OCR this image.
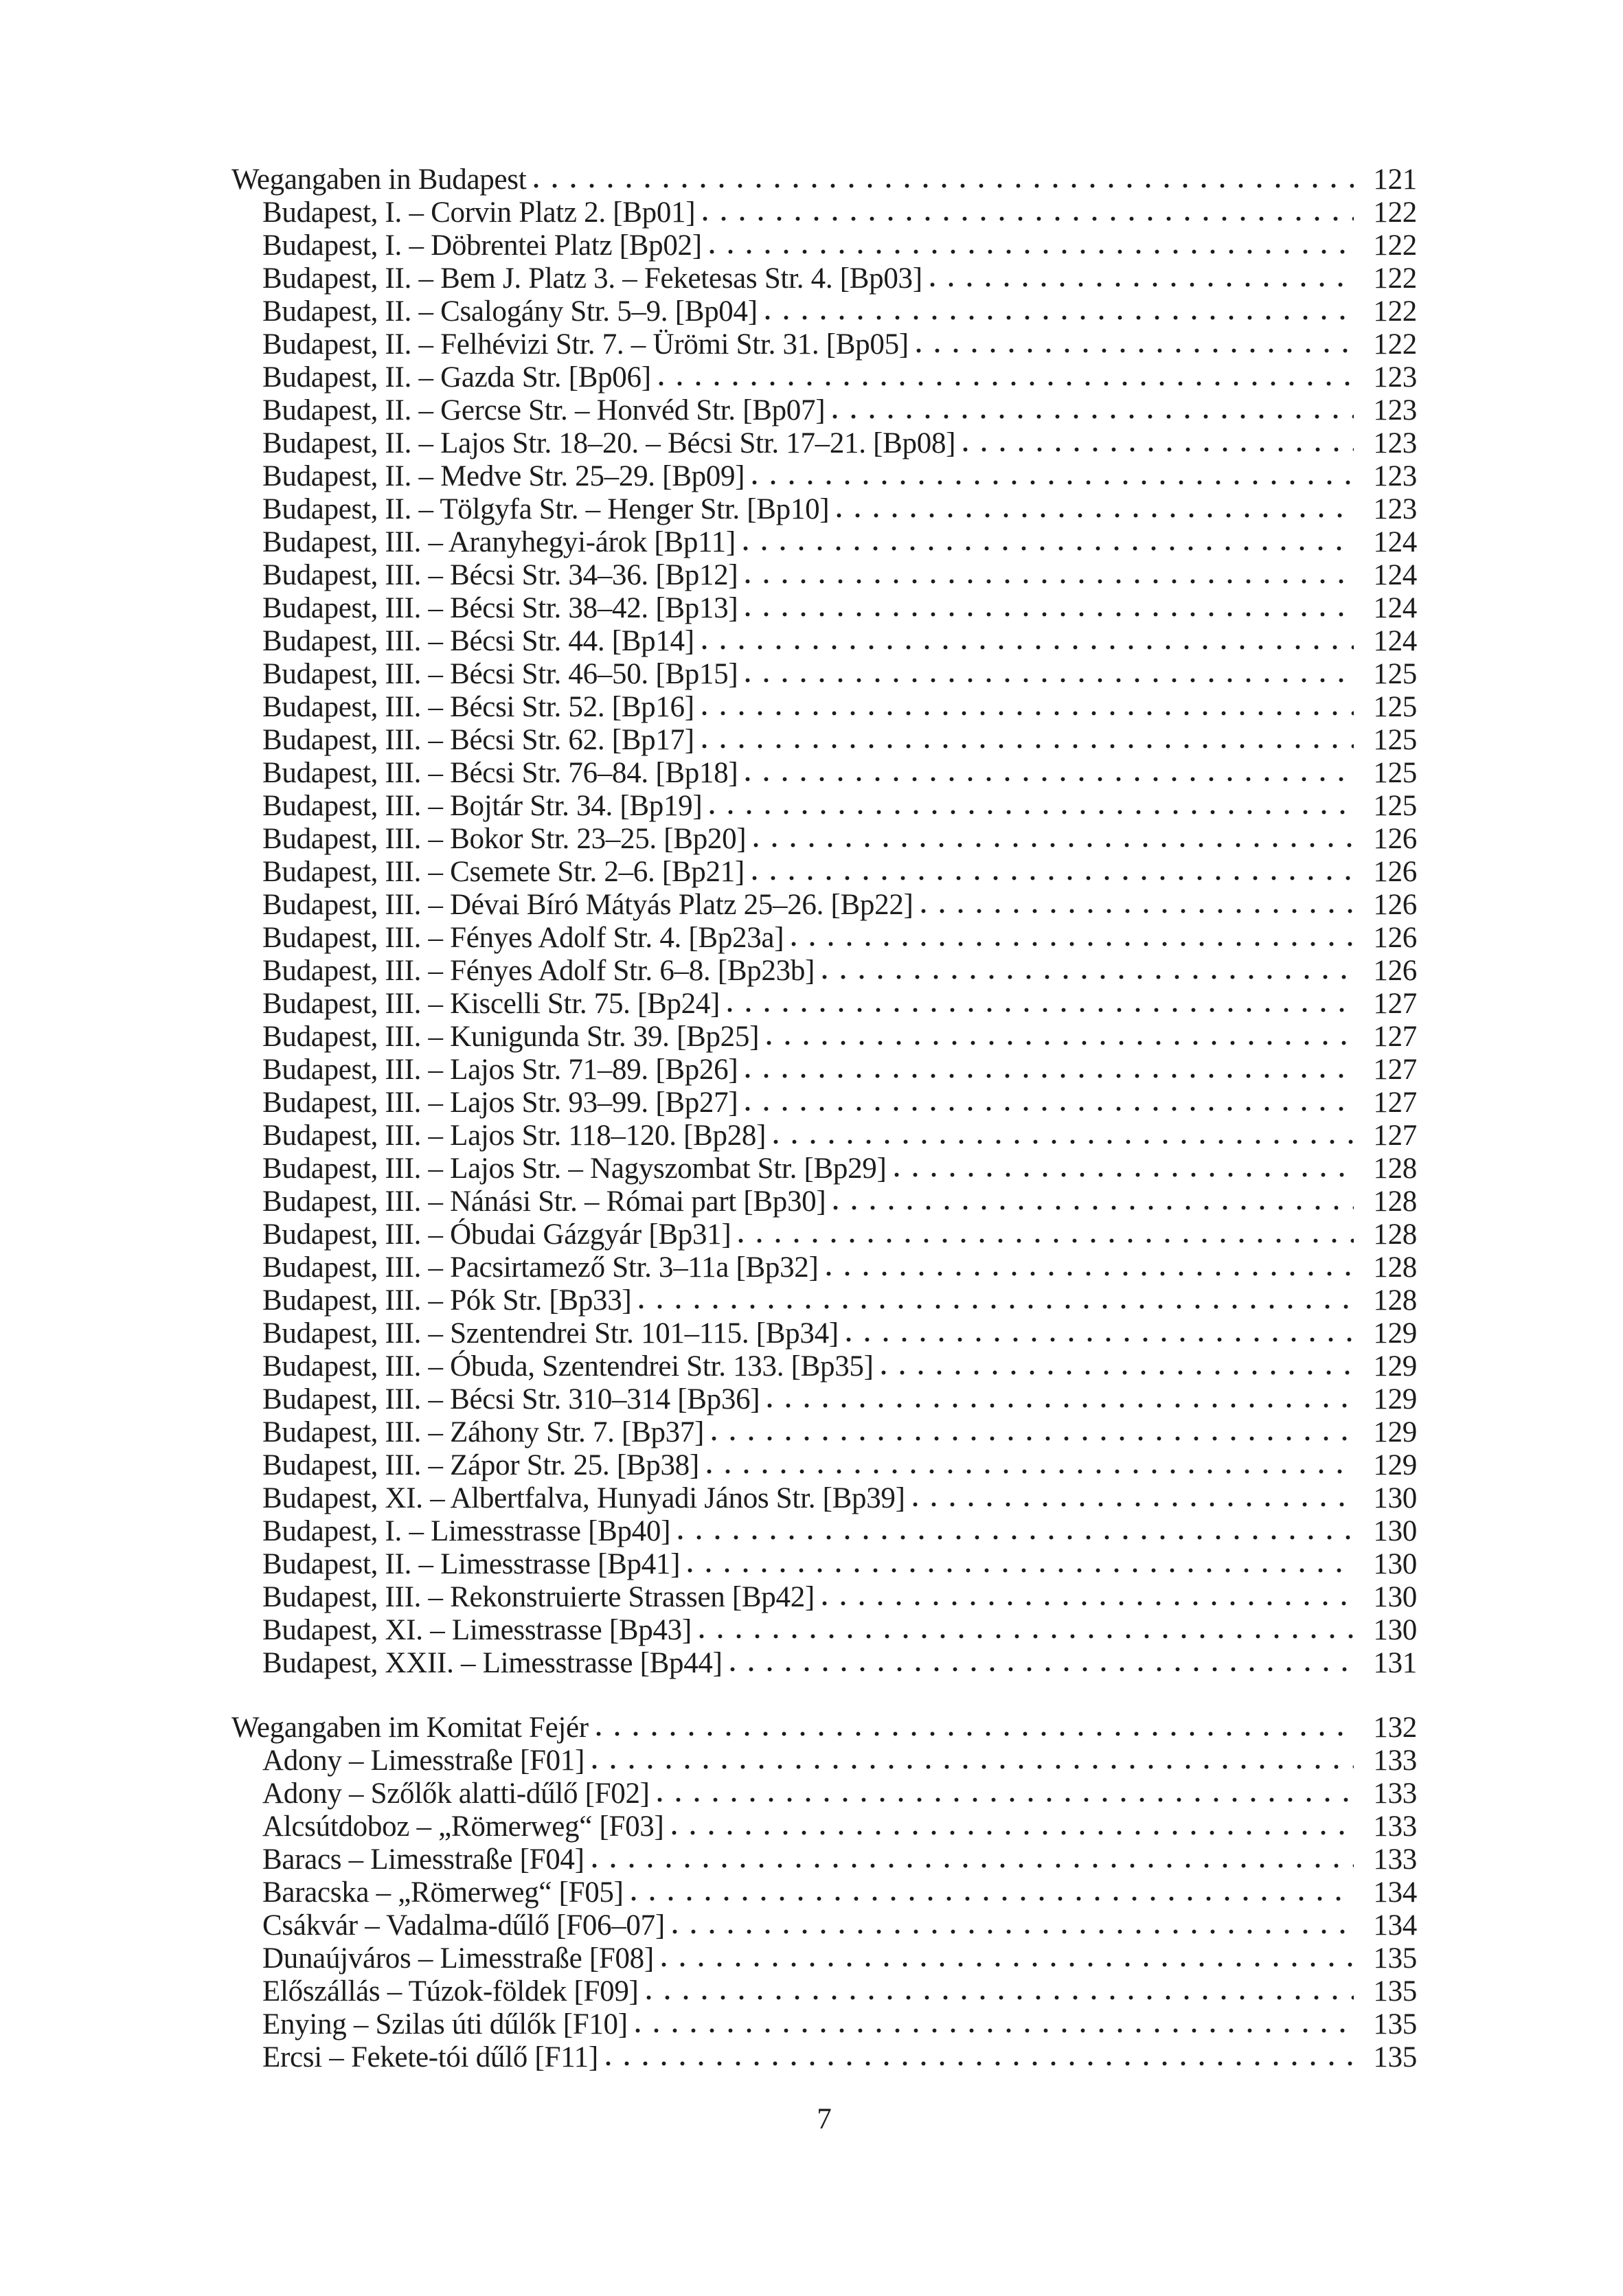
Wegangaben in Budapest	121
Budapest, I. – Corvin Platz 2. [Bp01]	122
Budapest, I. – Döbrentei Platz [Bp02]	122
Budapest, II. – Bem J. Platz 3. – Feketesas Str. 4. [Bp03]	122
Budapest, II. – Csalogány Str. 5–9. [Bp04]	122
Budapest, II. – Felhévizi Str. 7. – Ürömi Str. 31. [Bp05]	122
Budapest, II. – Gazda Str. [Bp06]	123
Budapest, II. – Gercse Str. – Honvéd Str. [Bp07]	123
Budapest, II. – Lajos Str. 18–20. – Bécsi Str. 17–21. [Bp08]	123
Budapest, II. – Medve Str. 25–29. [Bp09]	123
Budapest, II. – Tölgyfa Str. – Henger Str. [Bp10]	123
Budapest, III. – Aranyhegyi-árok [Bp11]	124
Budapest, III. – Bécsi Str. 34–36. [Bp12]	124
Budapest, III. – Bécsi Str. 38–42. [Bp13]	124
Budapest, III. – Bécsi Str. 44. [Bp14]	124
Budapest, III. – Bécsi Str. 46–50. [Bp15]	125
Budapest, III. – Bécsi Str. 52. [Bp16]	125
Budapest, III. – Bécsi Str. 62. [Bp17]	125
Budapest, III. – Bécsi Str. 76–84. [Bp18]	125
Budapest, III. – Bojtár Str. 34. [Bp19]	125
Budapest, III. – Bokor Str. 23–25. [Bp20]	126
Budapest, III. – Csemete Str. 2–6. [Bp21]	126
Budapest, III. – Dévai Bíró Mátyás Platz 25–26. [Bp22]	126
Budapest, III. – Fényes Adolf Str. 4. [Bp23a]	126
Budapest, III. – Fényes Adolf Str. 6–8. [Bp23b]	126
Budapest, III. – Kiscelli Str. 75. [Bp24]	127
Budapest, III. – Kunigunda Str. 39. [Bp25]	127
Budapest, III. – Lajos Str. 71–89. [Bp26]	127
Budapest, III. – Lajos Str. 93–99. [Bp27]	127
Budapest, III. – Lajos Str. 118–120. [Bp28]	127
Budapest, III. – Lajos Str. – Nagyszombat Str. [Bp29]	128
Budapest, III. – Nánási Str. – Római part [Bp30]	128
Budapest, III. – Óbudai Gázgyár [Bp31]	128
Budapest, III. – Pacsirtamező Str. 3–11a [Bp32]	128
Budapest, III. – Pók Str. [Bp33]	128
Budapest, III. – Szentendrei Str. 101–115. [Bp34]	129
Budapest, III. – Óbuda, Szentendrei Str. 133. [Bp35]	129
Budapest, III. – Bécsi Str. 310–314 [Bp36]	129
Budapest, III. – Záhony Str. 7. [Bp37]	129
Budapest, III. – Zápor Str. 25. [Bp38]	129
Budapest, XI. – Albertfalva, Hunyadi János Str. [Bp39]	130
Budapest, I. – Limesstrasse [Bp40]	130
Budapest, II. – Limesstrasse [Bp41]	130
Budapest, III. – Rekonstruierte Strassen [Bp42]	130
Budapest, XI. – Limesstrasse [Bp43]	130
Budapest, XXII. – Limesstrasse [Bp44]	131
Wegangaben im Komitat Fejér	132
Adony – Limesstraße [F01]	133
Adony – Szőlők alatti-dűlő [F02]	133
Alcsútdoboz – „Römerweg“ [F03]	133
Baracs – Limesstraße [F04]	133
Baracska – „Römerweg“ [F05]	134
Csákvár – Vadalma-dűlő [F06–07]	134
Dunaújváros – Limesstraße [F08]	135
Előszállás – Túzok-földek [F09]	135
Enying – Szilas úti dűlők [F10]	135
Ercsi – Fekete-tói dűlő [F11]	135
7
